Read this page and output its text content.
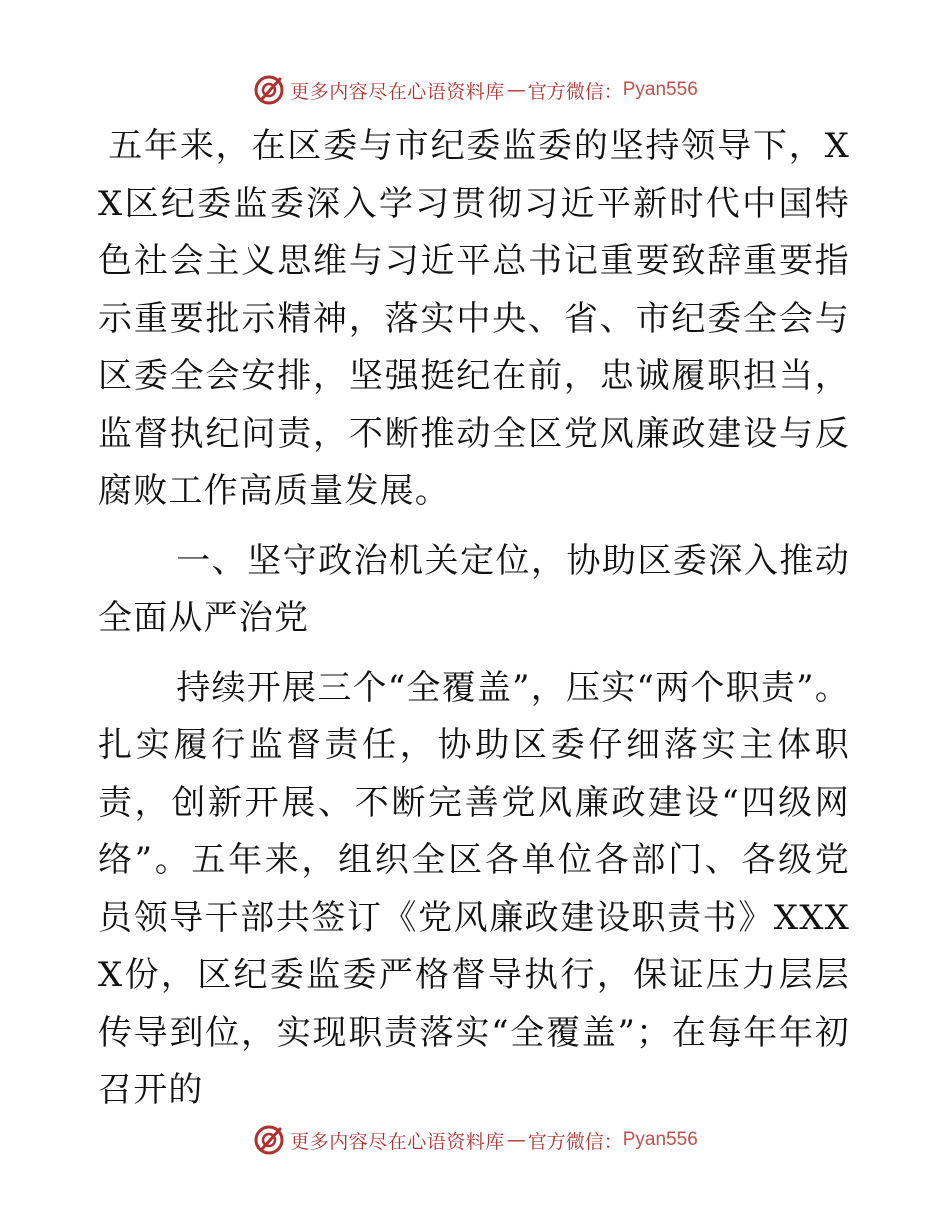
更多内容尽在心语资料库 — 官方微信： Pyan556

五年来，在区委与市纪委监委的坚持领导下，XX区纪委监委深入学习贯彻习近平新时代中国特色社会主义思维与习近平总书记重要致辞重要指示重要批示精神，落实中央、省、市纪委全会与区委全会安排，坚强挺纪在前，忠诚履职担当，监督执纪问责，不断推动全区党风廉政建设与反腐败工作高质量发展。

一、坚守政治机关定位，协助区委深入推动全面从严治党

持续开展三个“全覆盖”，压实“两个职责”。扎实履行监督责任，协助区委仔细落实主体职责，创新开展、不断完善党风廉政建设“四级网络”。五年来，组织全区各单位各部门、各级党员领导干部共签订《党风廉政建设职责书》XXXX份，区纪委监委严格督导执行，保证压力层层传导到位，实现职责落实“全覆盖”；在每年年初召开的

更多内容尽在心语资料库 — 官方微信： Pyan556
